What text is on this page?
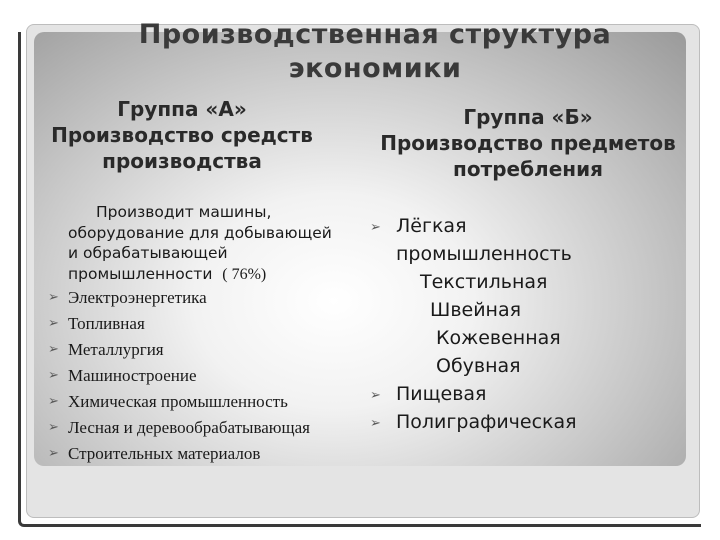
Производственная структура
экономики
Группа «А»
Производство средств
производства
Группа «Б»
Производство предметов
потребления
Производит машины,
оборудование для добывающей
и обрабатывающей
промышленности ( 76%)
➢ Электроэнергетика
➢ Топливная
➢ Металлургия
➢ Машиностроение
➢ Химическая промышленность
➢ Лесная и деревообрабатывающая
➢ Строительных материалов
➢ Лёгкая
промышленность
Текстильная
Швейная
Кожевенная
Обувная
➢ Пищевая
➢ Полиграфическая
